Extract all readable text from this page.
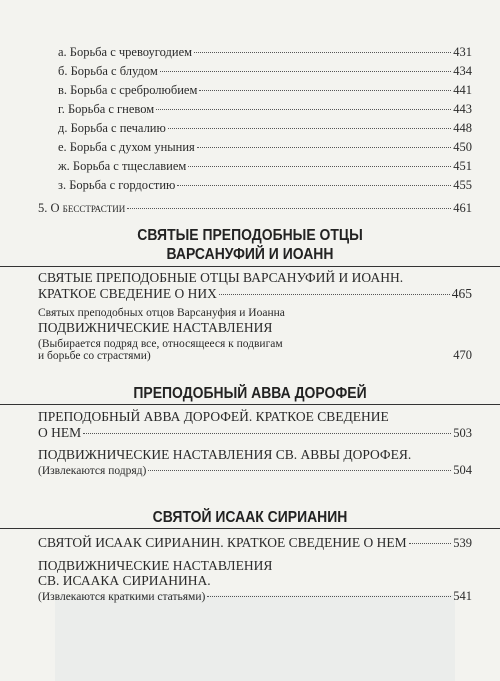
а. Борьба с чревоугодием	431
б. Борьба с блудом	434
в. Борьба с сребролюбием	441
г. Борьба с гневом	443
д. Борьба с печалию	448
е. Борьба с духом уныния	450
ж. Борьба с тщеславием	451
з. Борьба с гордостию	455
5. О бесстрастии	461
СВЯТЫЕ ПРЕПОДОБНЫЕ ОТЦЫ
ВАРСАНУФИЙ И ИОАНН
СВЯТЫЕ ПРЕПОДОБНЫЕ ОТЦЫ ВАРСАНУФИЙ И ИОАНН.
КРАТКОЕ СВЕДЕНИЕ О НИХ	465
Святых преподобных отцов Варсануфия и Иоанна
ПОДВИЖНИЧЕСКИЕ НАСТАВЛЕНИЯ
(Выбирается подряд все, относящееся к подвигам
и борьбе со страстями)	470
ПРЕПОДОБНЫЙ АВВА ДОРОФЕЙ
ПРЕПОДОБНЫЙ АВВА ДОРОФЕЙ. КРАТКОЕ СВЕДЕНИЕ
О НЕМ	503
ПОДВИЖНИЧЕСКИЕ НАСТАВЛЕНИЯ СВ. АВВЫ ДОРОФЕЯ.
(Извлекаются подряд)	504
СВЯТОЙ ИСААК СИРИАНИН
СВЯТОЙ ИСААК СИРИАНИН. КРАТКОЕ СВЕДЕНИЕ О НЕМ	539
ПОДВИЖНИЧЕСКИЕ НАСТАВЛЕНИЯ
СВ. ИСААКА СИРИАНИНА.
(Извлекаются краткими статьями)	541
